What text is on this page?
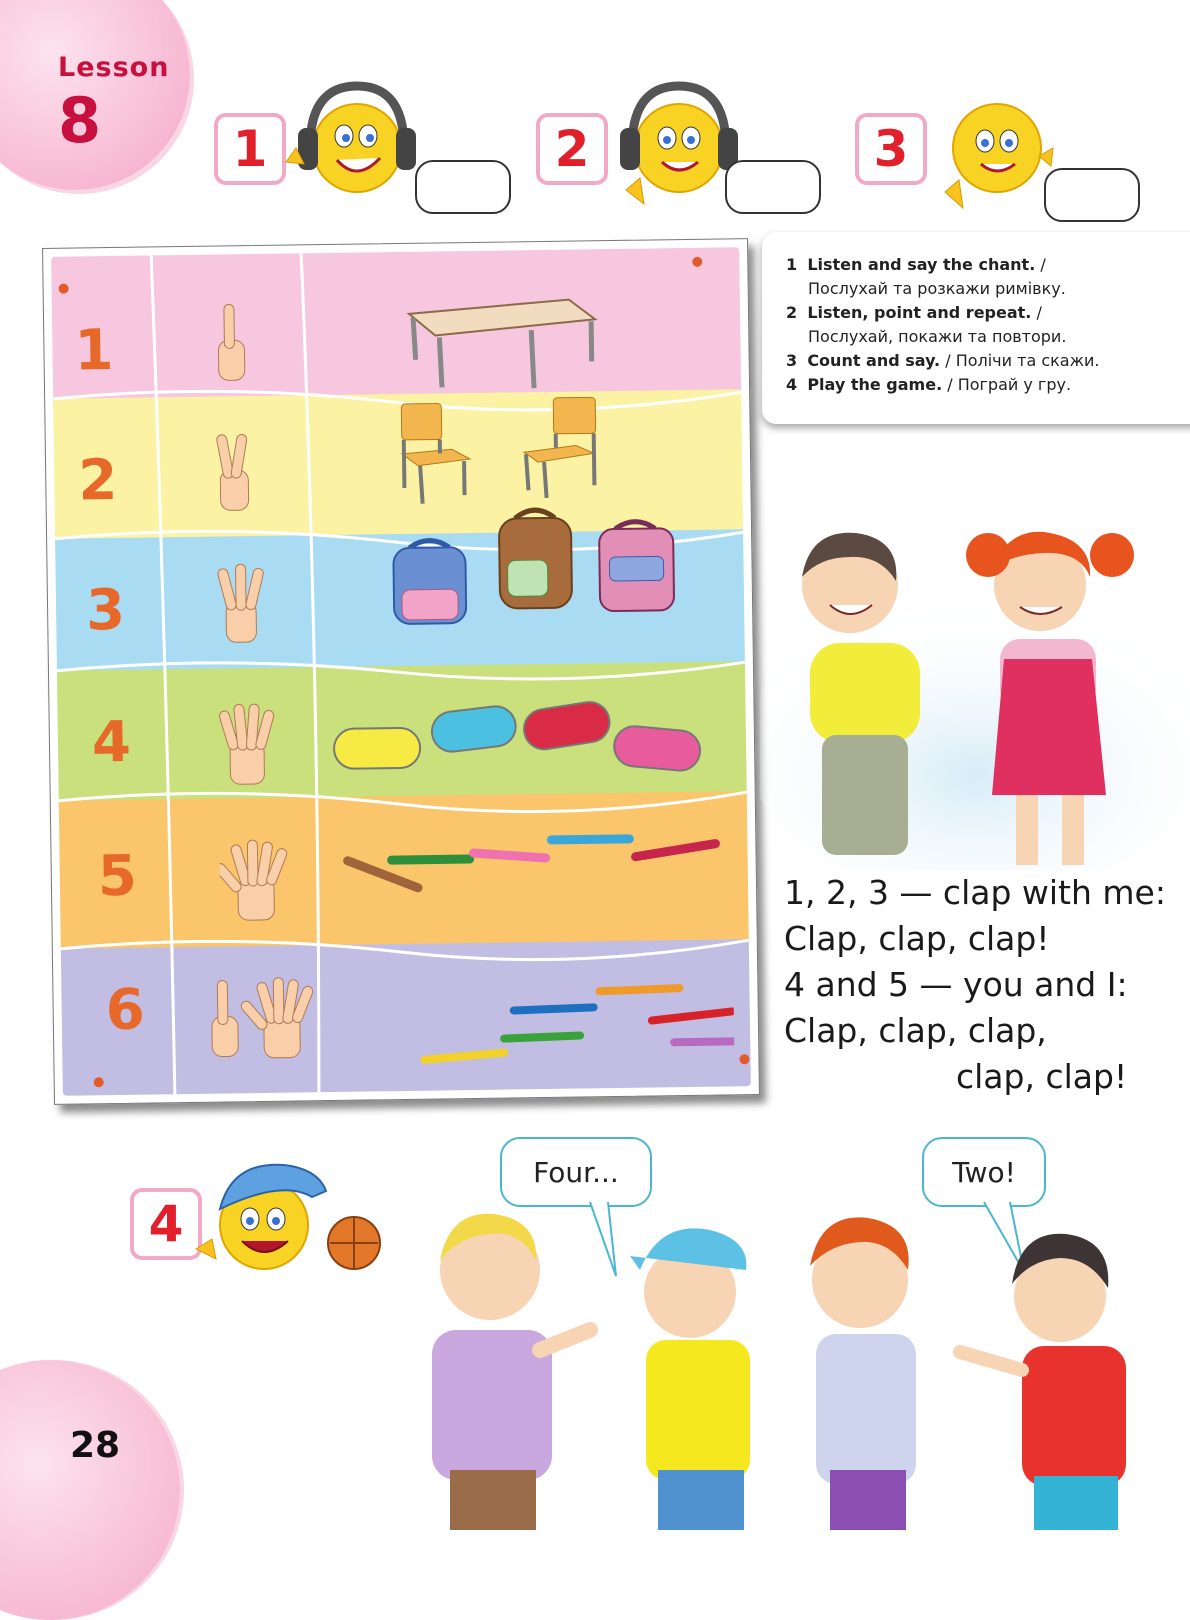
Lesson
8	1	2	3
1 Listen and say the chant. /
Послухай та розкажи римівку.
2 Listen, point and repeat. /
Послухай, покажи та повтори.
3 Count and say. / Полічи та скажи.
4 Play the game. / Пограй у гру.
1
2
3
4
5
6
1, 2, 3 — clap with me:
Clap, clap, clap!
4 and 5 — you and I:
Clap, clap, clap,
clap, clap!
4
Four...	Two!
28
